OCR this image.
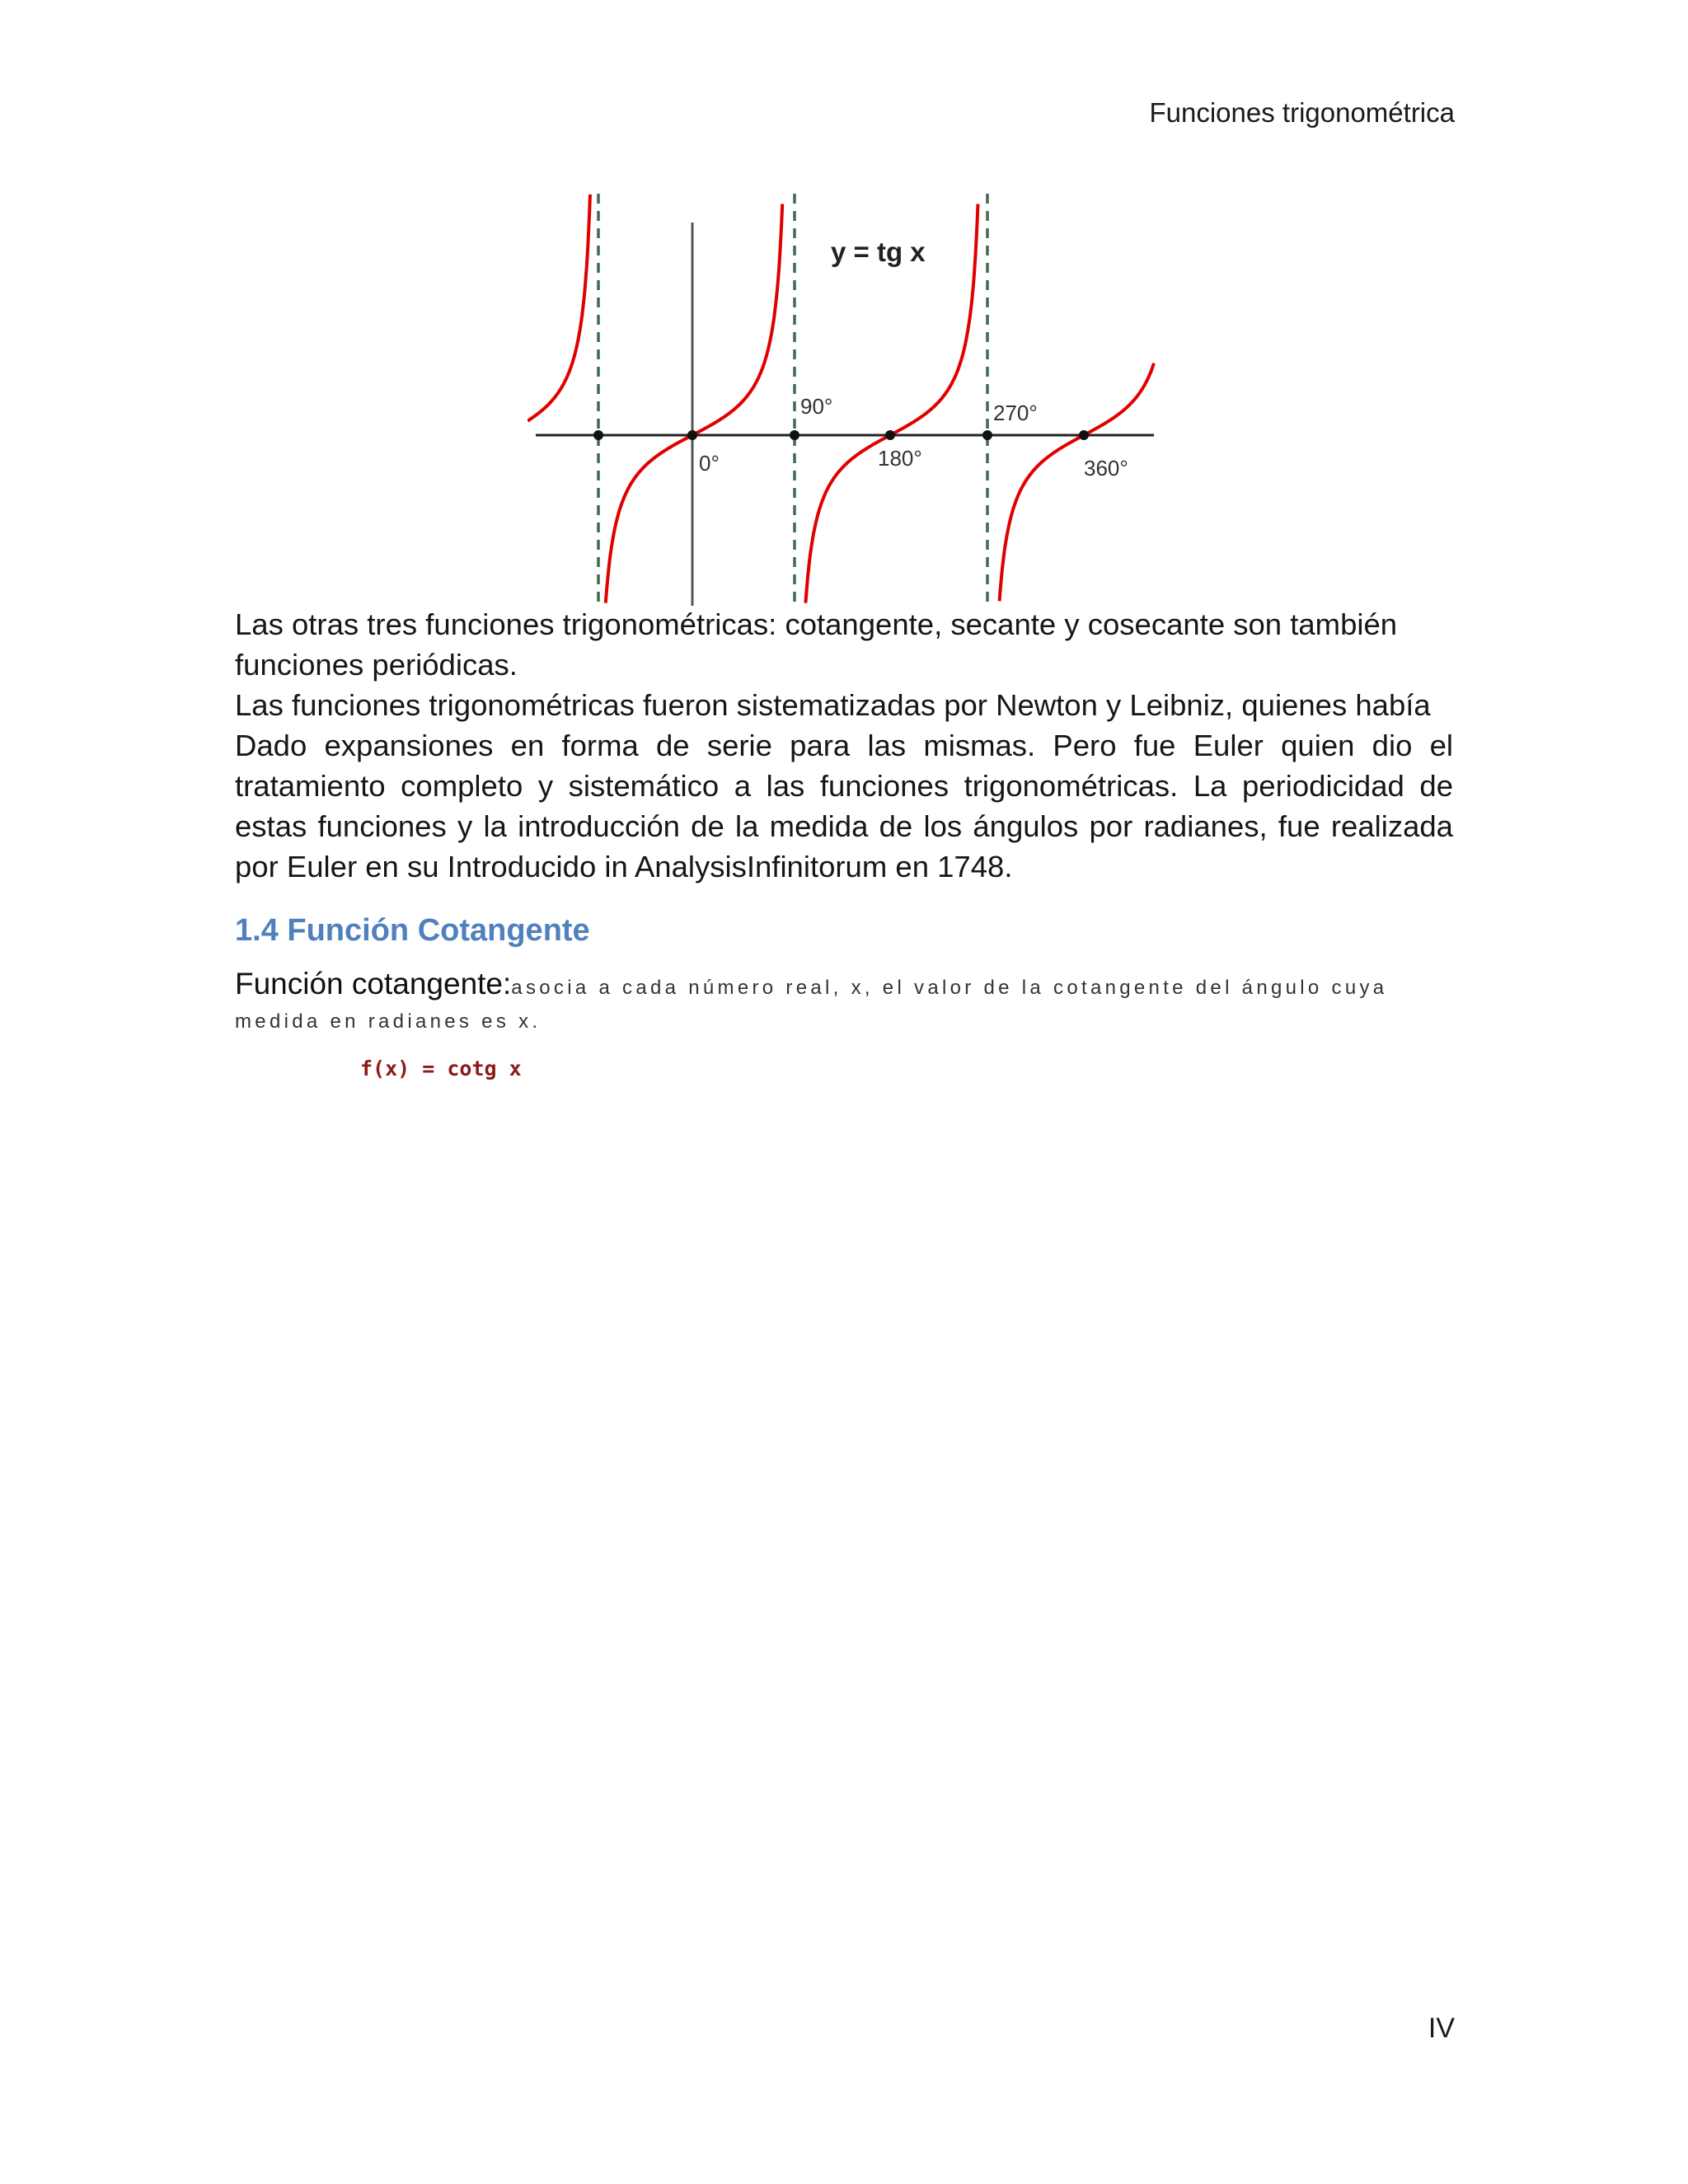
Funciones trigonométrica
y = tg x
0°
90°
180°
270°
360°

Las otras tres funciones trigonométricas: cotangente, secante y cosecante son también funciones periódicas.

Las funciones trigonométricas fueron sistematizadas por Newton y Leibniz, quienes había

Dado expansiones en forma de serie para las mismas. Pero fue Euler quien dio el tratamiento completo y sistemático a las funciones trigonométricas. La periodicidad de estas funciones y la introducción de la medida de los ángulos por radianes, fue realizada por Euler en su Introducido in AnalysisInfinitorum en 1748.

1.4 Función Cotangente
Función cotangente:asocia a cada número real, x, el valor de la cotangente del ángulo cuya medida en radianes es x.
f(x) = cotg x
IV
